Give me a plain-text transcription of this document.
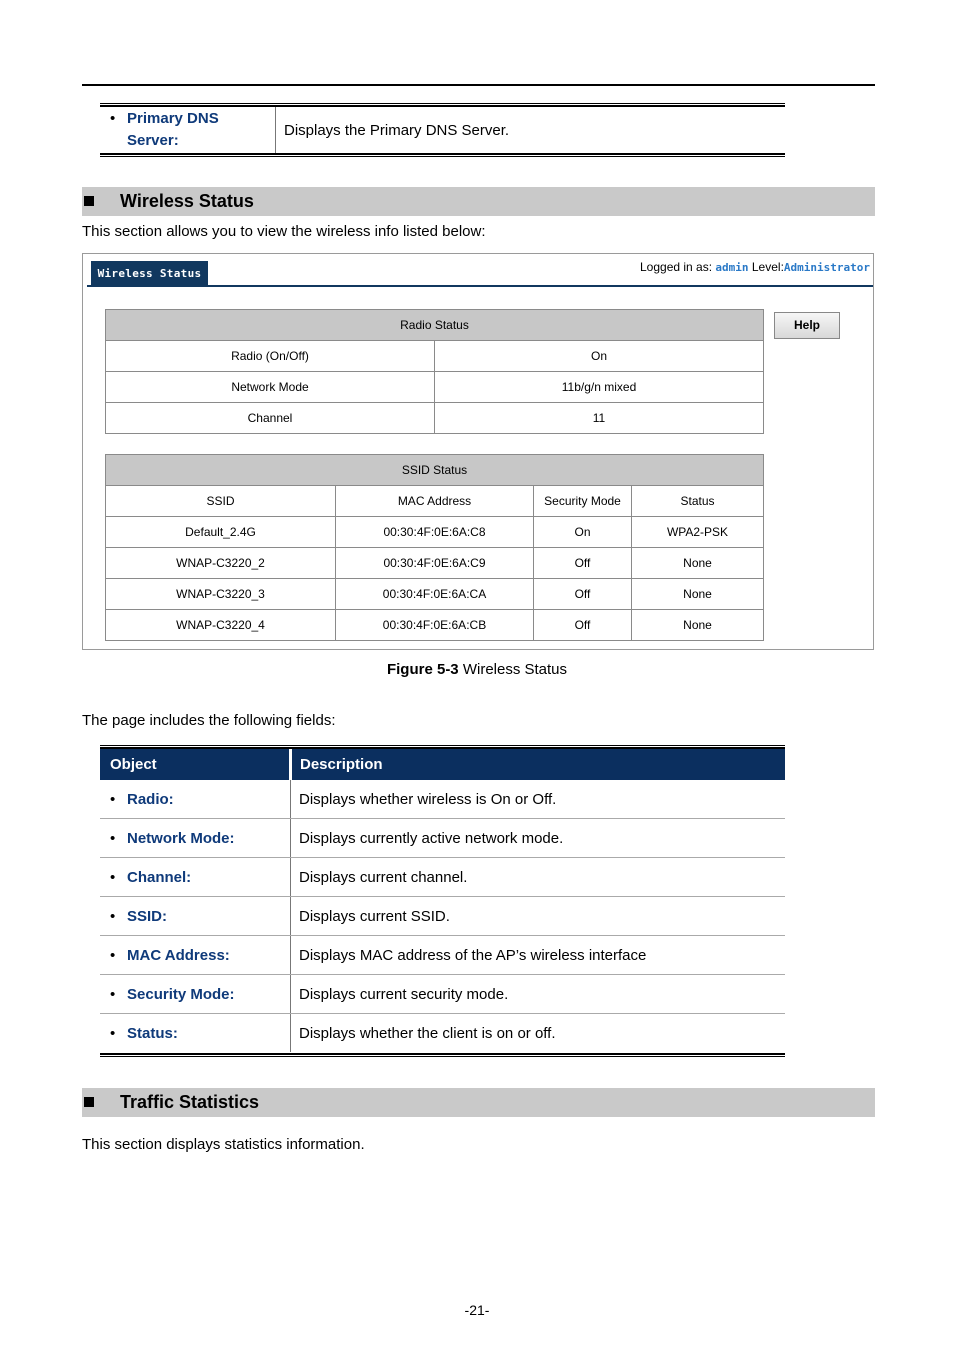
• Primary DNS
Server:	Displays the Primary DNS Server.
Wireless Status
This section allows you to view the wireless info listed below:
Wireless Status	Logged in as: admin Level:Administrator
Radio Status	
Radio (On/Off)	On
Network Mode	11b/g/n mixed
Channel	11
Help
SSID Status			
SSID	MAC Address	Security Mode	Status
Default_2.4G	00:30:4F:0E:6A:C8	On	WPA2-PSK
WNAP-C3220_2	00:30:4F:0E:6A:C9	Off	None
WNAP-C3220_3	00:30:4F:0E:6A:CA	Off	None
WNAP-C3220_4	00:30:4F:0E:6A:CB	Off	None
Figure 5-3 Wireless Status
The page includes the following fields:
Object	Description
• Radio:	Displays whether wireless is On or Off.
• Network Mode:	Displays currently active network mode.
• Channel:	Displays current channel.
• SSID:	Displays current SSID.
• MAC Address:	Displays MAC address of the AP’s wireless interface
• Security Mode:	Displays current security mode.
• Status:	Displays whether the client is on or off.
Traffic Statistics
This section displays statistics information.
-21-
